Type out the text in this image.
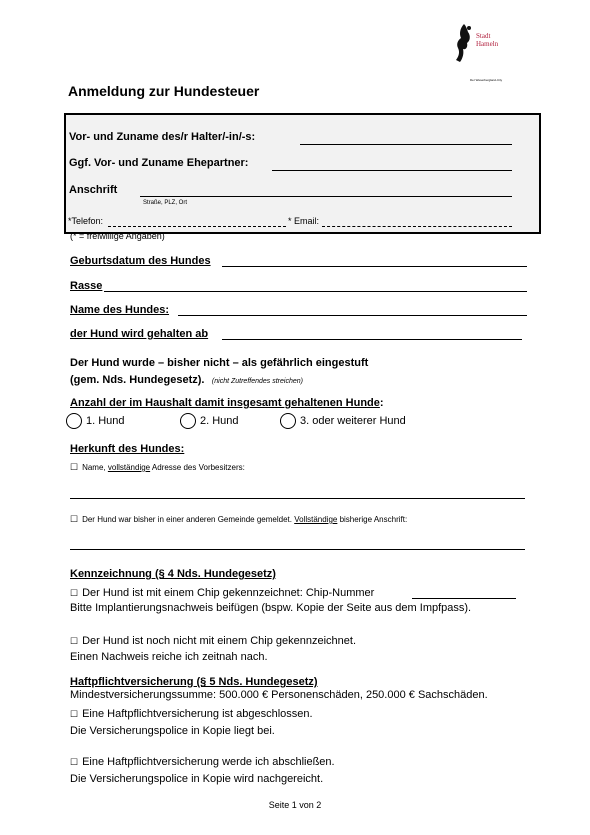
Stadt
Hameln
Der Weserbergland-City
Anmeldung zur Hundesteuer
Vor- und Zuname des/r Halter/-in/-s:
Ggf. Vor- und Zuname Ehepartner:
Anschrift
Straße, PLZ, Ort
*Telefon:	* Email:
(* = freiwillige Angaben)
Geburtsdatum des Hundes
Rasse
Name des Hundes:
der Hund wird gehalten ab
Der Hund wurde – bisher nicht – als gefährlich eingestuft
(gem. Nds. Hundegesetz). (nicht Zutreffendes streichen)
Anzahl der im Haushalt damit insgesamt gehaltenen Hunde:
1. Hund	2. Hund	3. oder weiterer Hund
Herkunft des Hundes:
☐ Name, vollständige Adresse des Vorbesitzers:
☐ Der Hund war bisher in einer anderen Gemeinde gemeldet. Vollständige bisherige Anschrift:
Kennzeichnung (§ 4 Nds. Hundegesetz)
☐ Der Hund ist mit einem Chip gekennzeichnet: Chip-Nummer
Bitte Implantierungsnachweis beifügen (bspw. Kopie der Seite aus dem Impfpass).
☐ Der Hund ist noch nicht mit einem Chip gekennzeichnet.
Einen Nachweis reiche ich zeitnah nach.
Haftpflichtversicherung (§ 5 Nds. Hundegesetz)
Mindestversicherungssumme: 500.000 € Personenschäden, 250.000 € Sachschäden.
☐ Eine Haftpflichtversicherung ist abgeschlossen.
Die Versicherungspolice in Kopie liegt bei.
☐ Eine Haftpflichtversicherung werde ich abschließen.
Die Versicherungspolice in Kopie wird nachgereicht.
Seite 1 von 2
